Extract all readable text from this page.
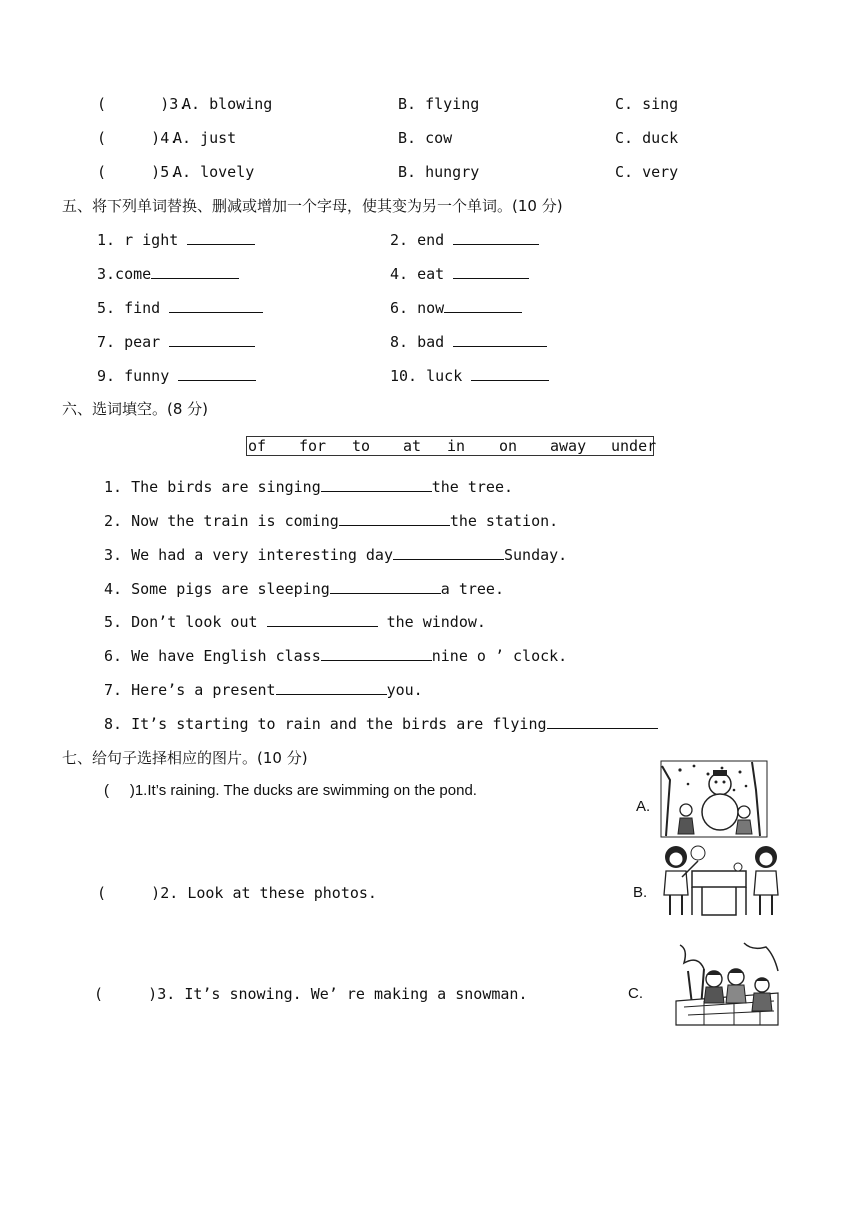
(      )3.
A. blowing	B. flying	C. sing
(     )4.
A. just	B. cow	C. duck
(     )5.
A. lovely	B. hungry	C. very
五、将下列单词替换、删减或增加一个字母，使其变为另一个单词。(10 分)
1. r ight	2. end
3.come	4. eat
5. find	6. now
7. pear	8. bad
9. funny	10. luck
六、选词填空。(8 分)
of for to at in on away under
1. The birds are singing	the tree.
2. Now the train is coming	the station.
3. We had a very interesting day	Sunday.
4. Some pigs are sleeping	a tree.
5. Don’t look out	the window.
6. We have English class	nine o ’ clock.
7. Here’s a present	you.
8. It’s starting to rain and the birds are flying
七、给句子选择相应的图片。(10 分)
(     )1.It’s raining. The ducks are swimming on the pond.
(     )2. Look at these photos.
(     )3. It’s snowing. We’ re making a snowman.
A.
B.
C.
